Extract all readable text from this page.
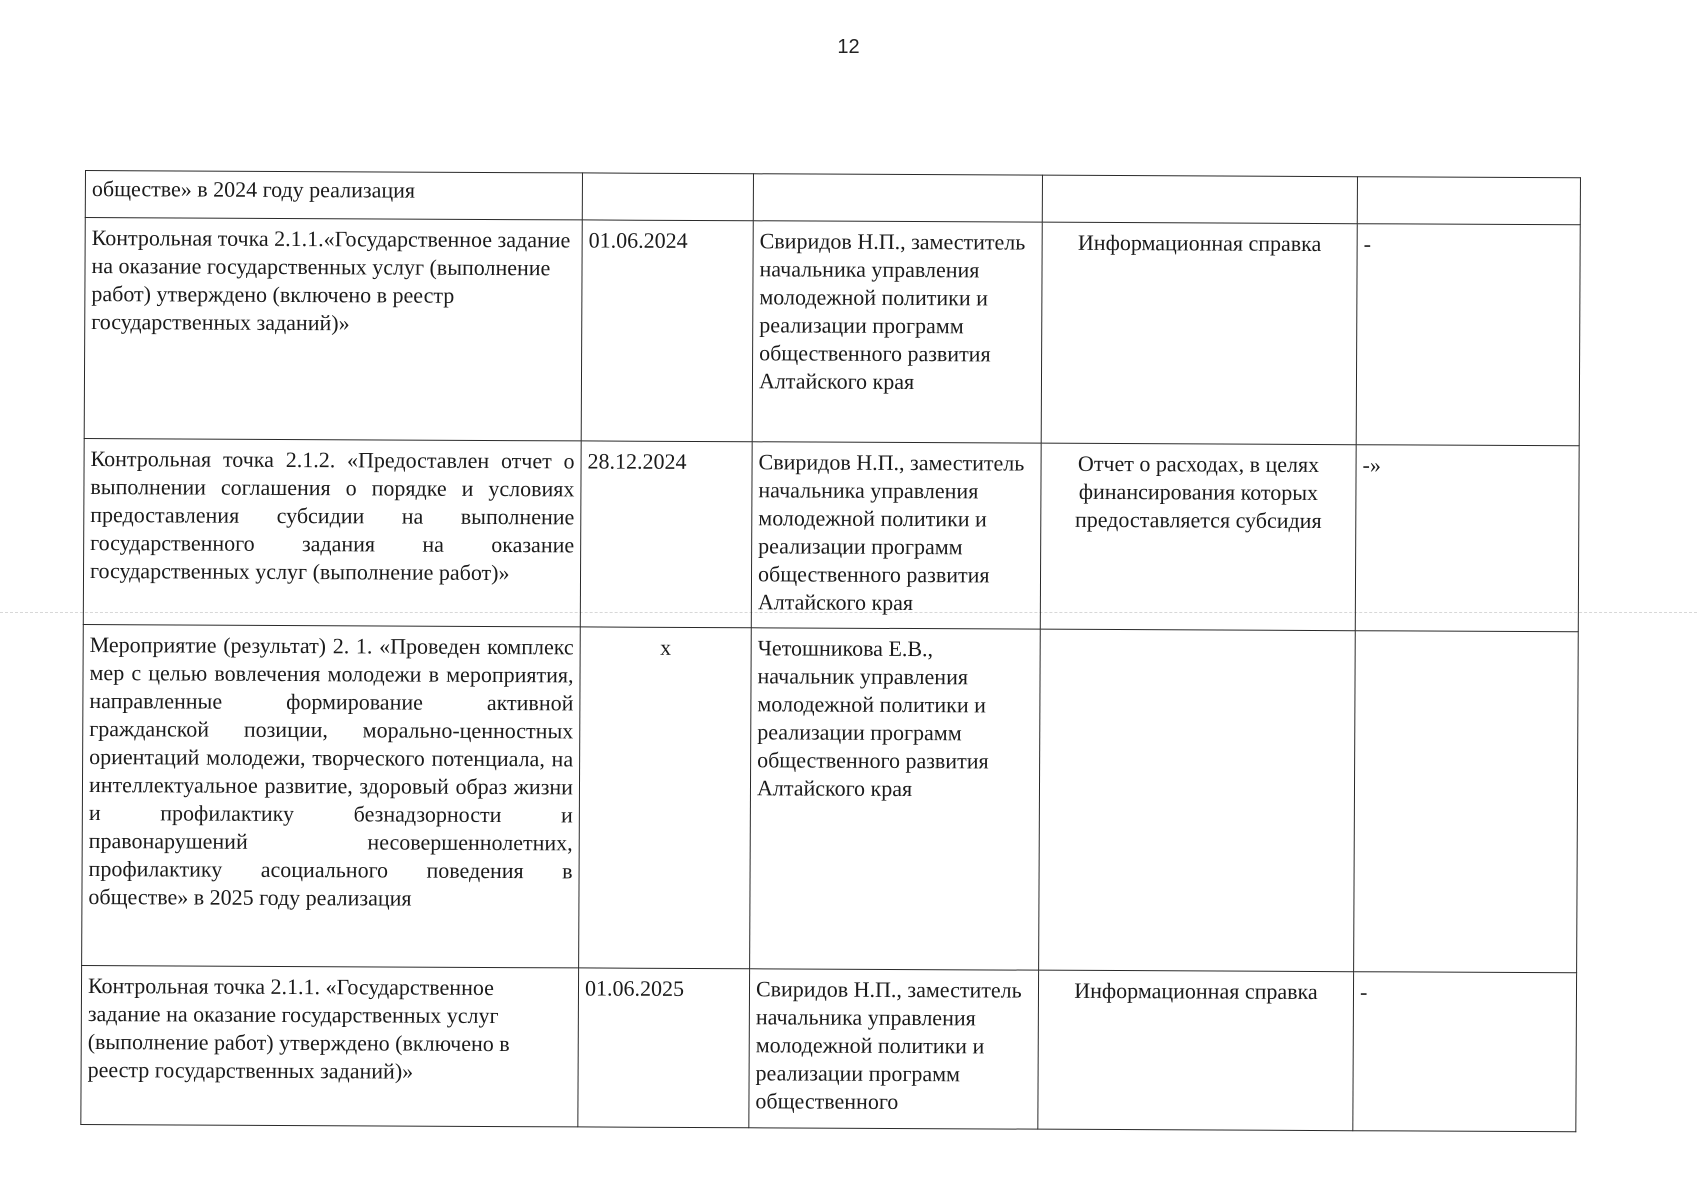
12
обществе» в 2024 году реализация				
Контрольная точка 2.1.1.«Государственное задание на оказание государственных услуг (выполнение работ) утверждено (включено в реестр государственных заданий)»	01.06.2024	Свиридов Н.П., заместитель начальника управления молодежной политики и реализации программ общественного развития Алтайского края	Информационная справка	-
Контрольная точка 2.1.2. «Предоставлен отчет о выполнении соглашения о порядке и условиях предоставления субсидии на выполнение государственного задания на оказание государственных услуг (выполнение работ)»	28.12.2024	Свиридов Н.П., заместитель начальника управления молодежной политики и реализации программ общественного развития Алтайского края	Отчет о расходах, в целях финансирования которых предоставляется субсидия	-»
Мероприятие (результат) 2. 1. «Проведен комплекс мер с целью вовлечения молодежи в мероприятия, направленные формирование активной гражданской позиции, морально-ценностных ориентаций молодежи, творческого потенциала, на интеллектуальное развитие, здоровый образ жизни и профилактику безнадзорности и правонарушений несовершеннолетних, профилактику асоциального поведения в обществе» в 2025 году реализация	x	Четошникова Е.В., начальник управления молодежной политики и реализации программ общественного развития Алтайского края		
Контрольная точка 2.1.1. «Государственное задание на оказание государственных услуг (выполнение работ) утверждено (включено в реестр государственных заданий)»	01.06.2025	Свиридов Н.П., заместитель начальника управления молодежной политики и реализации программ общественного	Информационная справка	-
